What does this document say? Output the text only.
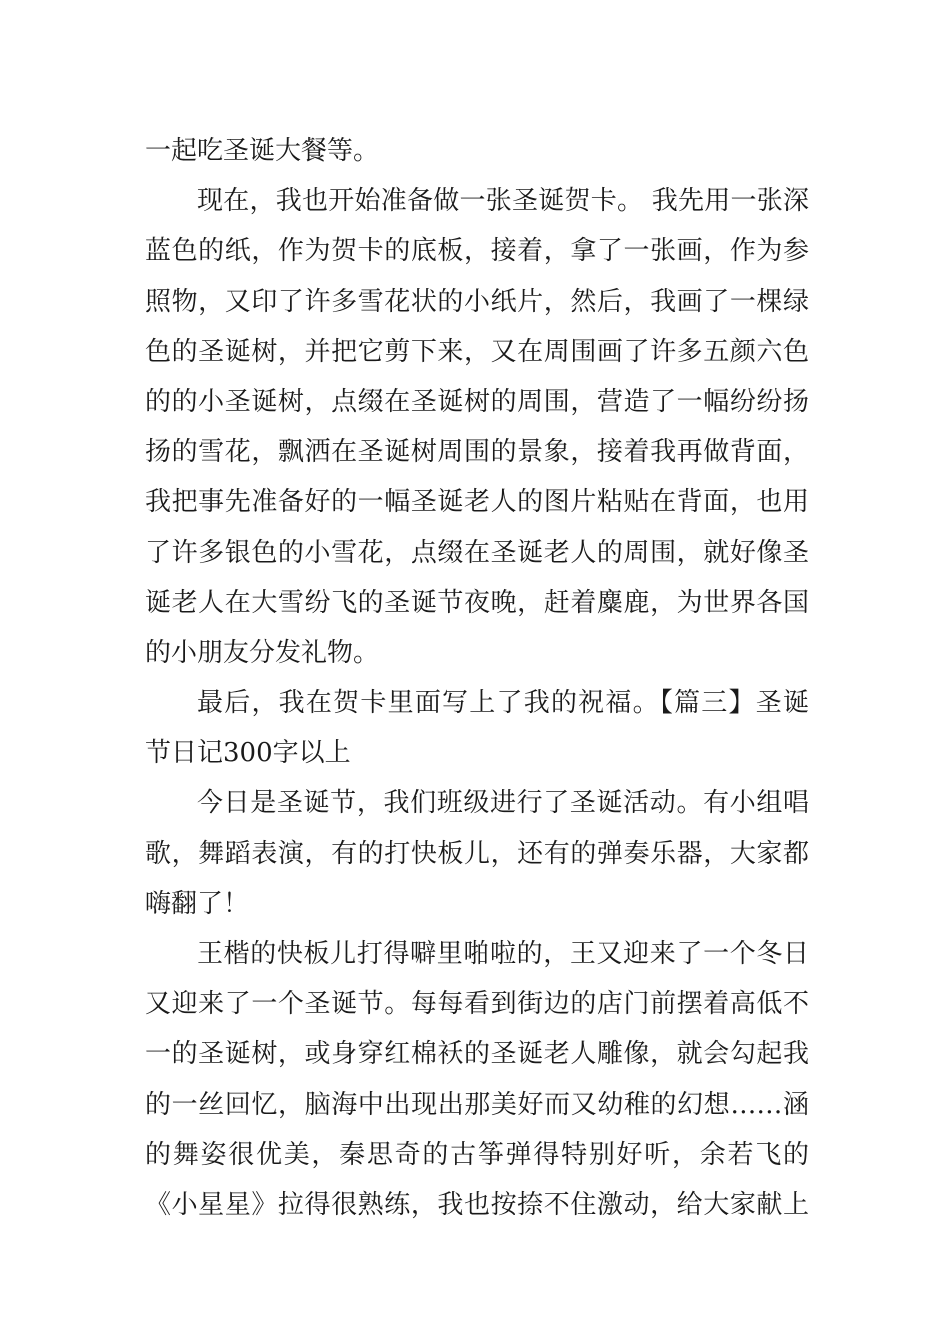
一起吃圣诞大餐等。
现在，我也开始准备做一张圣诞贺卡。 我先用一张深
蓝色的纸，作为贺卡的底板，接着，拿了一张画，作为参
照物，又印了许多雪花状的小纸片，然后，我画了一棵绿
色的圣诞树，并把它剪下来，又在周围画了许多五颜六色
的的小圣诞树，点缀在圣诞树的周围，营造了一幅纷纷扬
扬的雪花，飘洒在圣诞树周围的景象，接着我再做背面，
我把事先准备好的一幅圣诞老人的图片粘贴在背面，也用
了许多银色的小雪花，点缀在圣诞老人的周围，就好像圣
诞老人在大雪纷飞的圣诞节夜晚，赶着麋鹿，为世界各国
的小朋友分发礼物。
最后，我在贺卡里面写上了我的祝福。【篇三】圣诞
节日记300字以上
今日是圣诞节，我们班级进行了圣诞活动。有小组唱
歌，舞蹈表演，有的打快板儿，还有的弹奏乐器，大家都
嗨翻了！
王楷的快板儿打得噼里啪啦的，王又迎来了一个冬日
又迎来了一个圣诞节。每每看到街边的店门前摆着高低不
一的圣诞树，或身穿红棉袄的圣诞老人雕像，就会勾起我
的一丝回忆，脑海中出现出那美好而又幼稚的幻想……涵
的舞姿很优美，秦思奇的古筝弹得特别好听，余若飞的
《小星星》拉得很熟练，我也按捺不住激动，给大家献上
